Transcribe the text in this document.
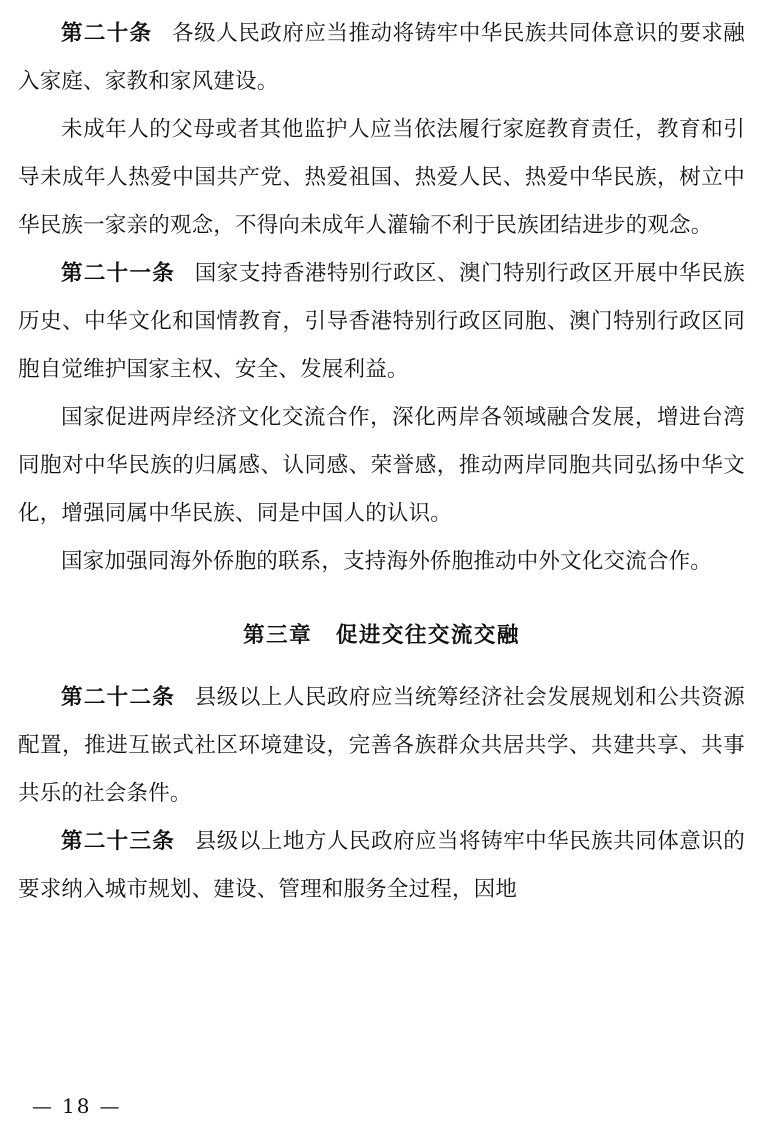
第二十条 各级人民政府应当推动将铸牢中华民族共同体意识的要求融入家庭、家教和家风建设。

未成年人的父母或者其他监护人应当依法履行家庭教育责任，教育和引导未成年人热爱中国共产党、热爱祖国、热爱人民、热爱中华民族，树立中华民族一家亲的观念，不得向未成年人灌输不利于民族团结进步的观念。

第二十一条 国家支持香港特别行政区、澳门特别行政区开展中华民族历史、中华文化和国情教育，引导香港特别行政区同胞、澳门特别行政区同胞自觉维护国家主权、安全、发展利益。

国家促进两岸经济文化交流合作，深化两岸各领域融合发展，增进台湾同胞对中华民族的归属感、认同感、荣誉感，推动两岸同胞共同弘扬中华文化，增强同属中华民族、同是中国人的认识。

国家加强同海外侨胞的联系，支持海外侨胞推动中外文化交流合作。

第三章 促进交往交流交融

第二十二条 县级以上人民政府应当统筹经济社会发展规划和公共资源配置，推进互嵌式社区环境建设，完善各族群众共居共学、共建共享、共事共乐的社会条件。

第二十三条 县级以上地方人民政府应当将铸牢中华民族共同体意识的要求纳入城市规划、建设、管理和服务全过程，因地

— 18 —
